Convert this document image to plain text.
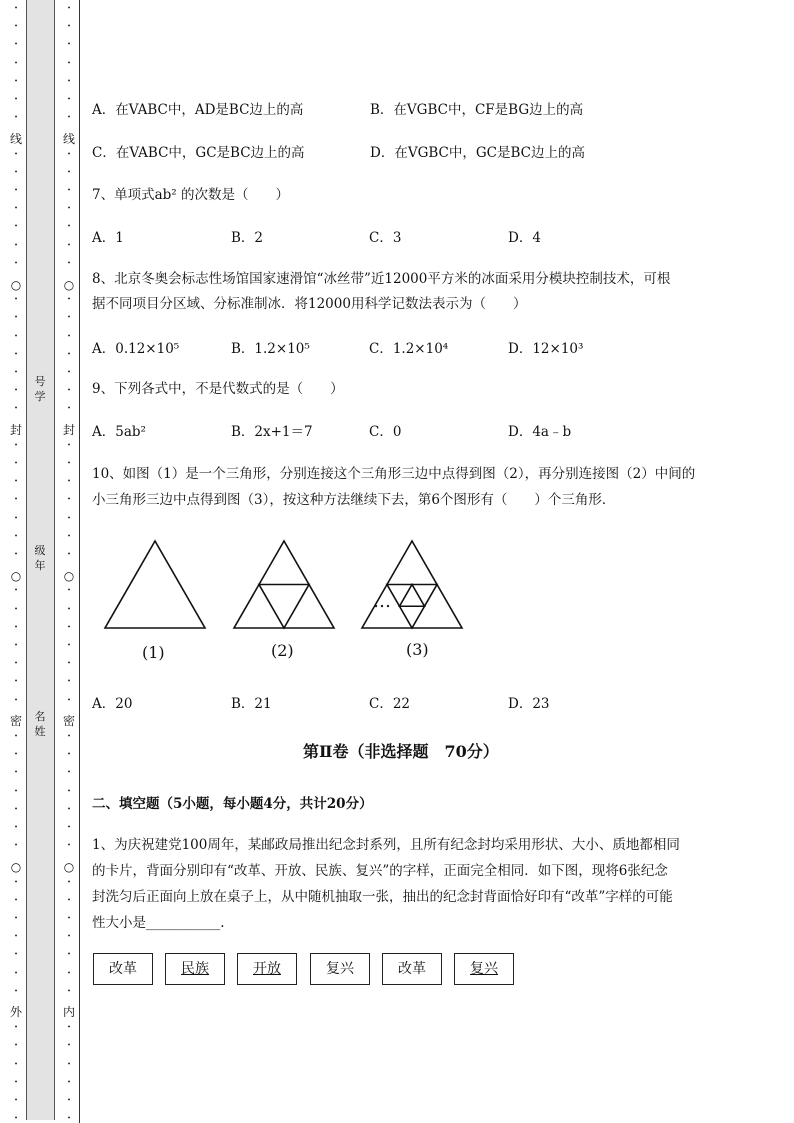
•
•
•
•
•
•
•
•
•
•
•
•
•
•
•
•
•
•
•
•
•
•
•
•
•
•
•
•
•
•
•
•
•
•
•
•
•
•
•
•
•
•
•
•
•
•
•
•
•
•
•
•
•
•
•
•
•
•
•
•
•
•
•
•
•
•
•
•
•
•
•
•
•
•
•
•
•
•
•
•
•
•
•
•
•
•
•
•
•
•
•
•
•
•
•
•
•
•
•
•
•
•
•
•
•
•
•
•
•
•
线
○
封
○
密
○
外
线
○
封
○
密
○
内
号
学
级
年
名
姓
A．在VABC中，AD是BC边上的高	B．在VGBC中，CF是BG边上的高
C．在VABC中，GC是BC边上的高	D．在VGBC中，GC是BC边上的高
7、单项式ab² 的次数是（　　）
A．1	B．2	C．3	D．4
8、北京冬奥会标志性场馆国家速滑馆“冰丝带”近12000平方米的冰面采用分模块控制技术，可根
据不同项目分区域、分标准制冰．将12000用科学记数法表示为（　　）
A．0.12×10⁵	B．1.2×10⁵	C．1.2×10⁴	D．12×10³
9、下列各式中，不是代数式的是（　　）
A．5ab²	B．2x+1＝7	C．0	D．4a﹣b
10、如图（1）是一个三角形，分别连接这个三角形三边中点得到图（2），再分别连接图（2）中间的
小三角形三边中点得到图（3），按这种方法继续下去，第6个图形有（　　）个三角形．
…
(1)	(2)	(3)
A．20	B．21	C．22	D．23
第Ⅱ卷（非选择题　70分）
二、填空题（5小题，每小题4分，共计20分）
1、为庆祝建党100周年，某邮政局推出纪念封系列，且所有纪念封均采用形状、大小、质地都相同
的卡片，背面分别印有“改革、开放、民族、复兴”的字样，正面完全相同．如下图，现将6张纪念
封洗匀后正面向上放在桌子上，从中随机抽取一张，抽出的纪念封背面恰好印有“改革”字样的可能
性大小是___________.
改革	民族	开放	复兴	改革	复兴
